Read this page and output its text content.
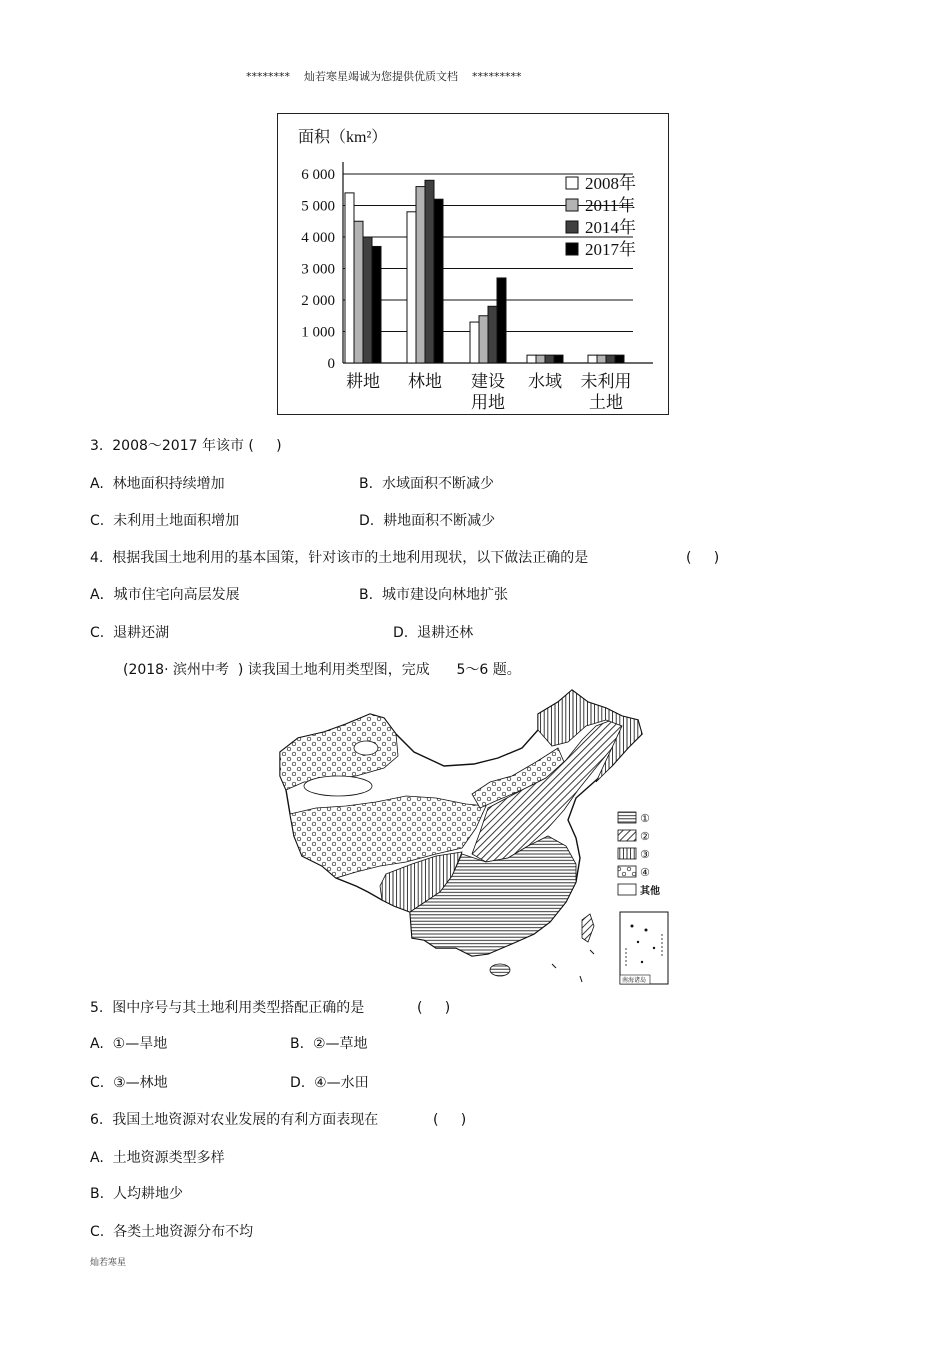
********    灿若寒星竭诚为您提供优质文档    *********
面积（km²）
0
1 000
2 000
3 000
4 000
5 000
6 000
耕地 林地 建设
用地
水域 未利用
土地
2008年
2011年
2014年
2017年
3.  2008～2017 年该市 (     )
A.  林地面积持续增加	B.  水域面积不断减少
C.  未利用土地面积增加	D.  耕地面积不断减少
4.  根据我国土地利用的基本国策，针对该市的土地利用现状，以下做法正确的是	(     )
A．城市住宅向高层发展	B.  城市建设向林地扩张
C.  退耕还湖	D.  退耕还林
(2018· 滨州中考  ) 读我国土地利用类型图，完成      5～6 题。
①
②
③
④
其他
南海诸岛
5.  图中序号与其土地利用类型搭配正确的是	(     )
A.  ①—旱地	B.  ②—草地
C.  ③—林地	D.  ④—水田
6.  我国土地资源对农业发展的有利方面表现在	(     )
A.  土地资源类型多样
B.  人均耕地少
C.  各类土地资源分布不均
灿若寒星
